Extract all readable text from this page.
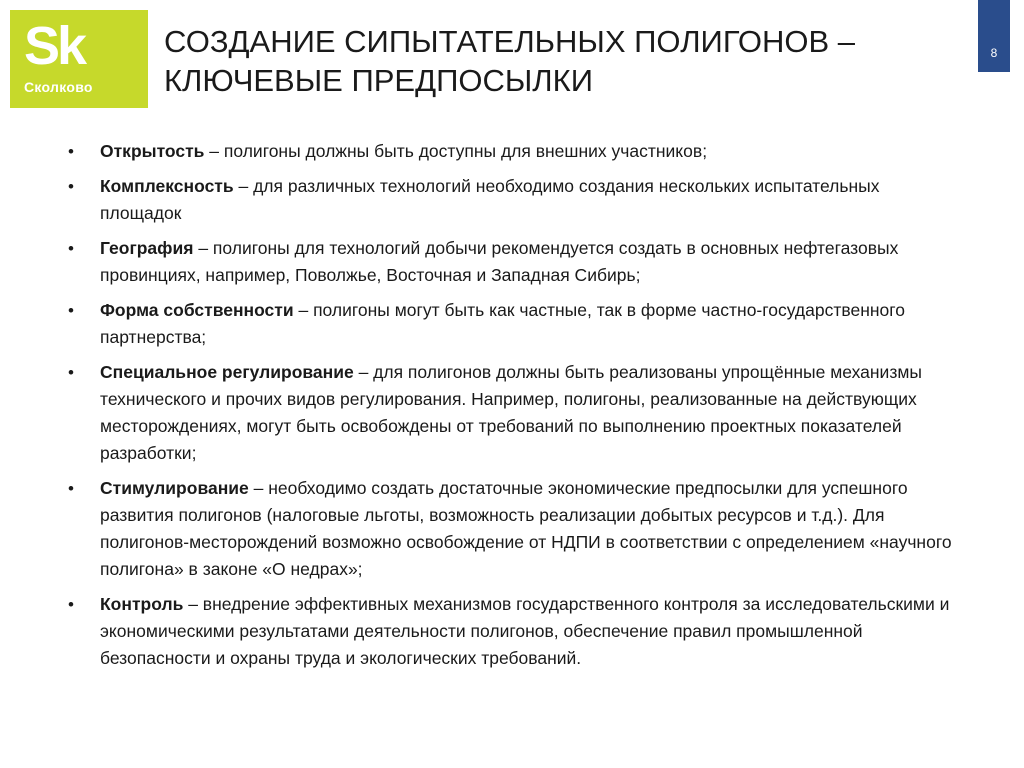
Sk
Сколково
СОЗДАНИЕ СИПЫТАТЕЛЬНЫХ ПОЛИГОНОВ – КЛЮЧЕВЫЕ ПРЕДПОСЫЛКИ
8
• Открытость – полигоны должны быть доступны для внешних участников;
• Комплексность – для различных технологий необходимо создания нескольких испытательных площадок
• География – полигоны для технологий добычи рекомендуется создать в основных нефтегазовых провинциях, например, Поволжье, Восточная и Западная Сибирь;
• Форма собственности – полигоны могут быть как частные, так в форме частно-государственного партнерства;
• Специальное регулирование – для полигонов должны быть реализованы упрощённые механизмы технического и прочих видов регулирования. Например, полигоны, реализованные на действующих месторождениях, могут быть освобождены от требований по выполнению проектных показателей разработки;
• Стимулирование – необходимо создать достаточные экономические предпосылки для успешного развития полигонов (налоговые льготы, возможность реализации добытых ресурсов и т.д.). Для полигонов-месторождений возможно освобождение от НДПИ в соответствии с определением «научного полигона» в законе «О недрах»;
• Контроль – внедрение эффективных механизмов государственного контроля за исследовательскими и экономическими результатами деятельности полигонов, обеспечение правил промышленной безопасности и охраны труда и экологических требований.
